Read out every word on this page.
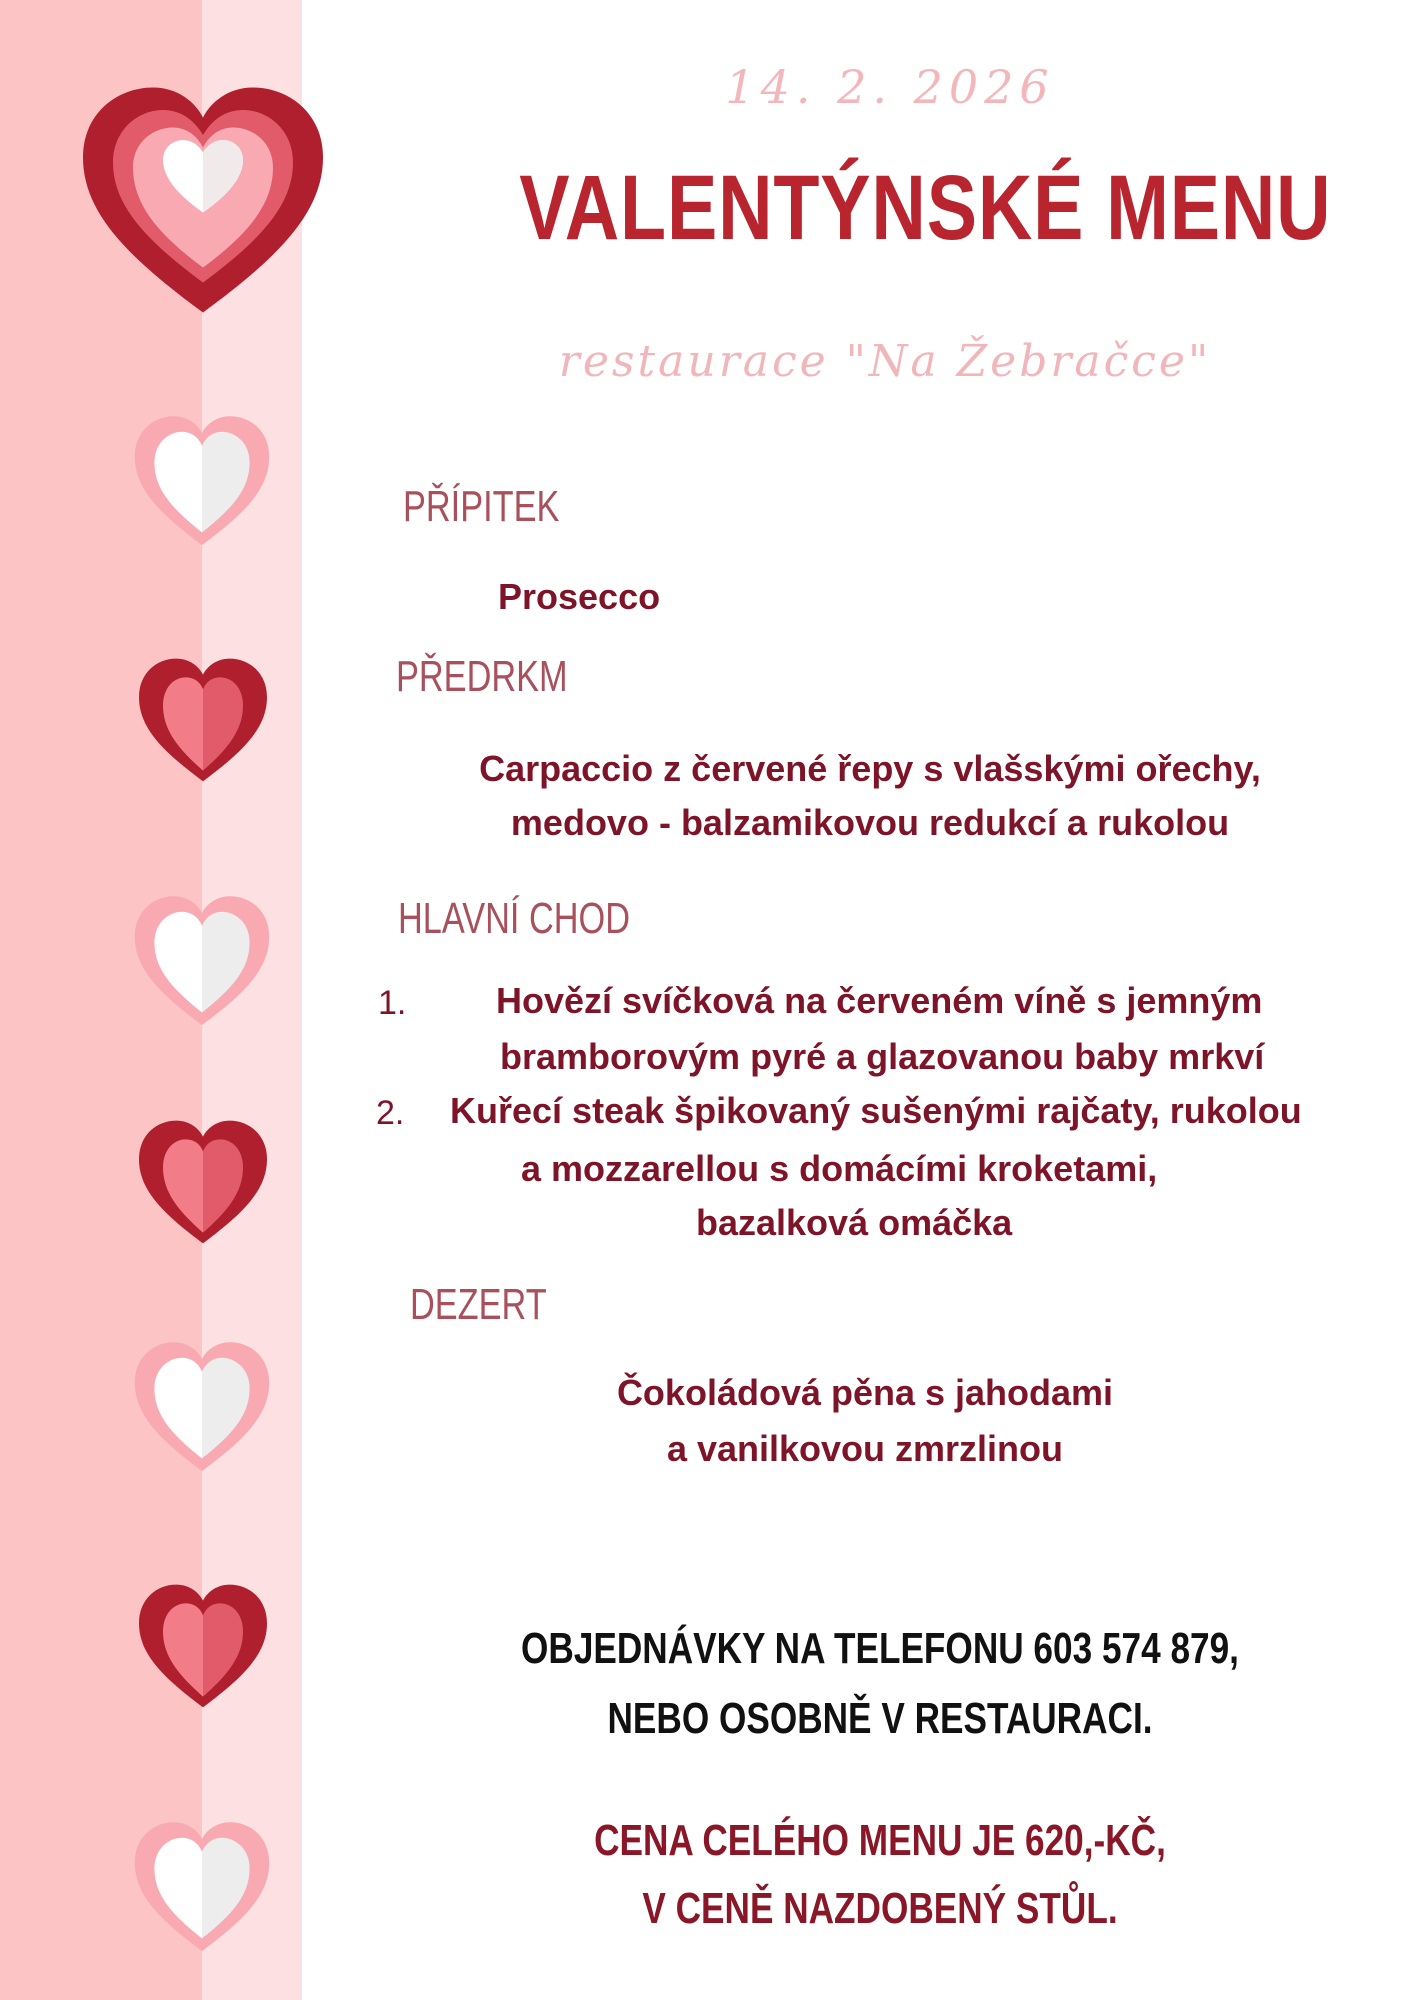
14. 2. 2026
VALENTÝNSKÉ MENU
restaurace "Na Žebračce"
PŘÍPITEK
Prosecco
PŘEDRKM
Carpaccio z červené řepy s vlašskými ořechy,
medovo - balzamikovou redukcí a rukolou
HLAVNÍ CHOD
1. Hovězí svíčková na červeném víně s jemným
bramborovým pyré a glazovanou baby mrkví
2. Kuřecí steak špikovaný sušenými rajčaty, rukolou
a mozzarellou s domácími kroketami,
bazalková omáčka
DEZERT
Čokoládová pěna s jahodami
a vanilkovou zmrzlinou
OBJEDNÁVKY NA TELEFONU 603 574 879,
NEBO OSOBNĚ V RESTAURACI.
CENA CELÉHO MENU JE 620,-KČ,
V CENĚ NAZDOBENÝ STŮL.
